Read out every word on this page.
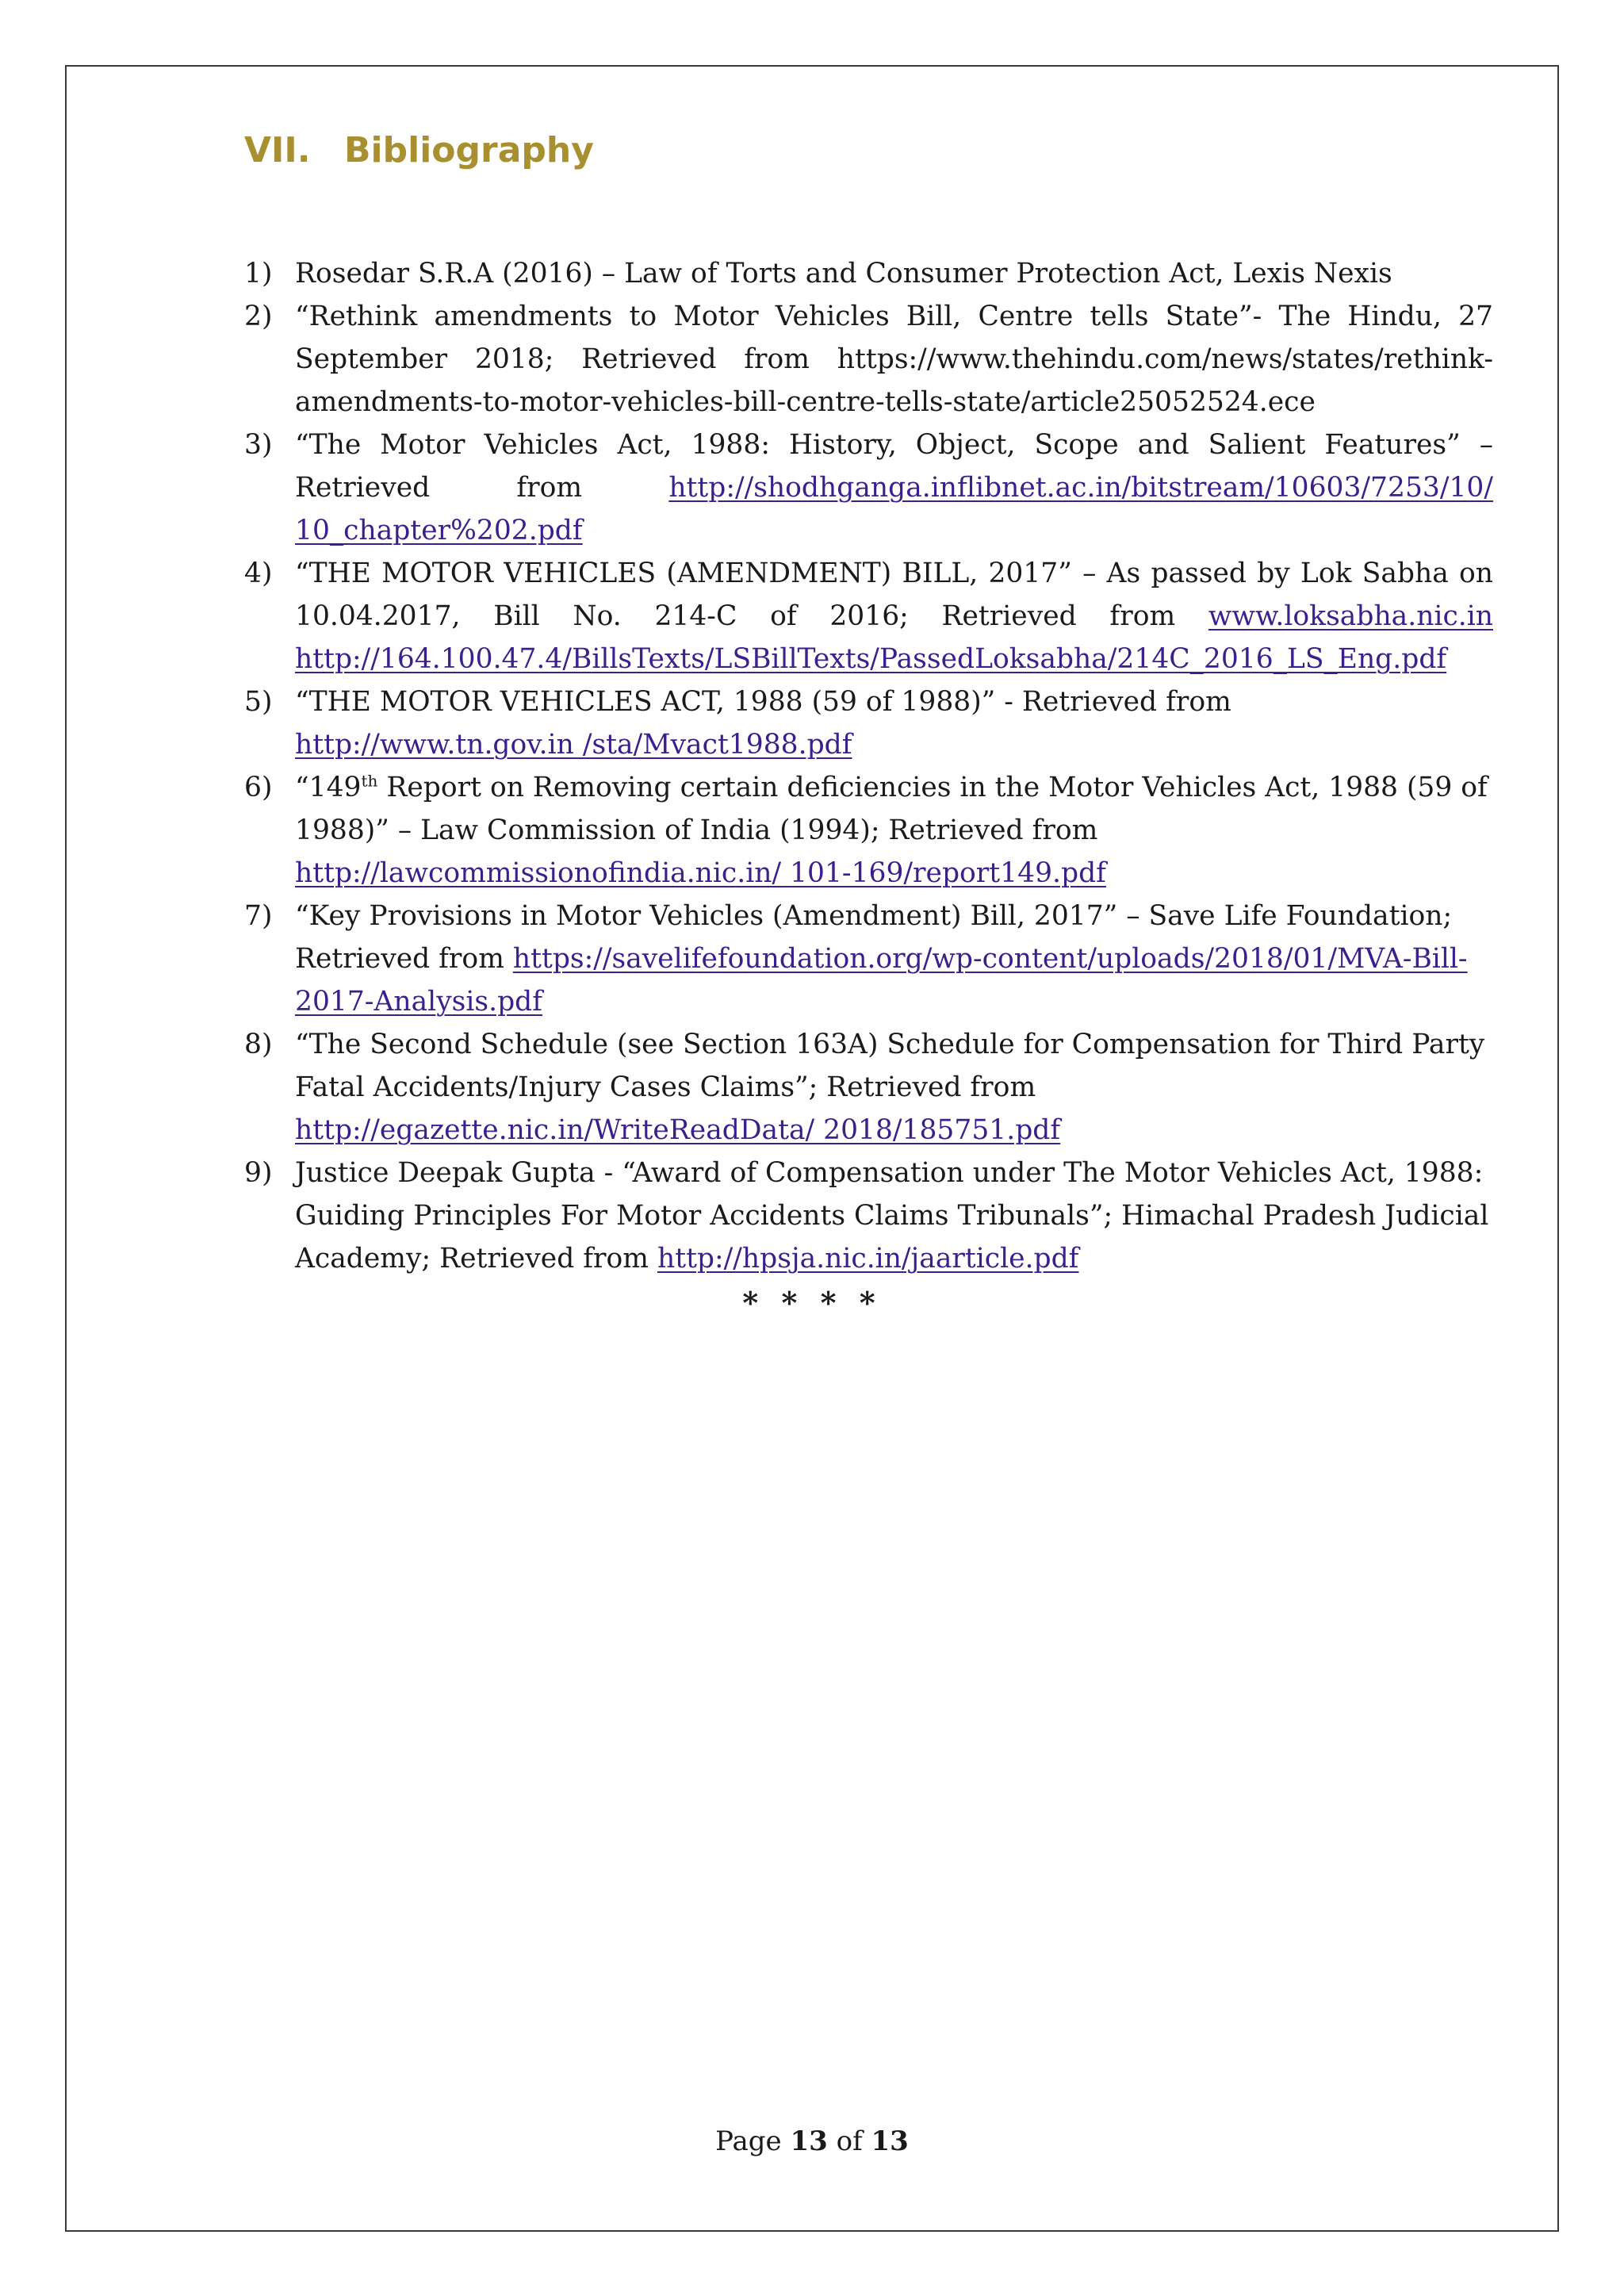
VII. Bibliography
1) Rosedar S.R.A (2016) – Law of Torts and Consumer Protection Act, Lexis Nexis
2) “Rethink amendments to Motor Vehicles Bill, Centre tells State”- The Hindu, 27 September 2018; Retrieved from https://www.thehindu.com/news/states/rethink-amendments-to-motor-vehicles-bill-centre-tells-state/article25052524.ece
3) “The Motor Vehicles Act, 1988: History, Object, Scope and Salient Features” – Retrieved from http://shodhganga.inflibnet.ac.in/bitstream/10603/7253/10/ 10_chapter%202.pdf
4) “THE MOTOR VEHICLES (AMENDMENT) BILL, 2017” – As passed by Lok Sabha on 10.04.2017, Bill No. 214-C of 2016; Retrieved from www.loksabha.nic.in http://164.100.47.4/BillsTexts/LSBillTexts/PassedLoksabha/214C_2016_LS_Eng.pdf
5) “THE MOTOR VEHICLES ACT, 1988 (59 of 1988)” - Retrieved from
http://www.tn.gov.in /sta/Mvact1988.pdf
6) “149th Report on Removing certain deficiencies in the Motor Vehicles Act, 1988 (59 of 1988)” – Law Commission of India (1994); Retrieved from
http://lawcommissionofindia.nic.in/ 101-169/report149.pdf
7) “Key Provisions in Motor Vehicles (Amendment) Bill, 2017” – Save Life Foundation; Retrieved from https://savelifefoundation.org/wp-content/uploads/2018/01/MVA-Bill-2017-Analysis.pdf
8) “The Second Schedule (see Section 163A) Schedule for Compensation for Third Party Fatal Accidents/Injury Cases Claims”; Retrieved from
http://egazette.nic.in/WriteReadData/ 2018/185751.pdf
9) Justice Deepak Gupta - “Award of Compensation under The Motor Vehicles Act, 1988: Guiding Principles For Motor Accidents Claims Tribunals”; Himachal Pradesh Judicial Academy; Retrieved from http://hpsja.nic.in/jaarticle.pdf
* * * *
Page 13 of 13
